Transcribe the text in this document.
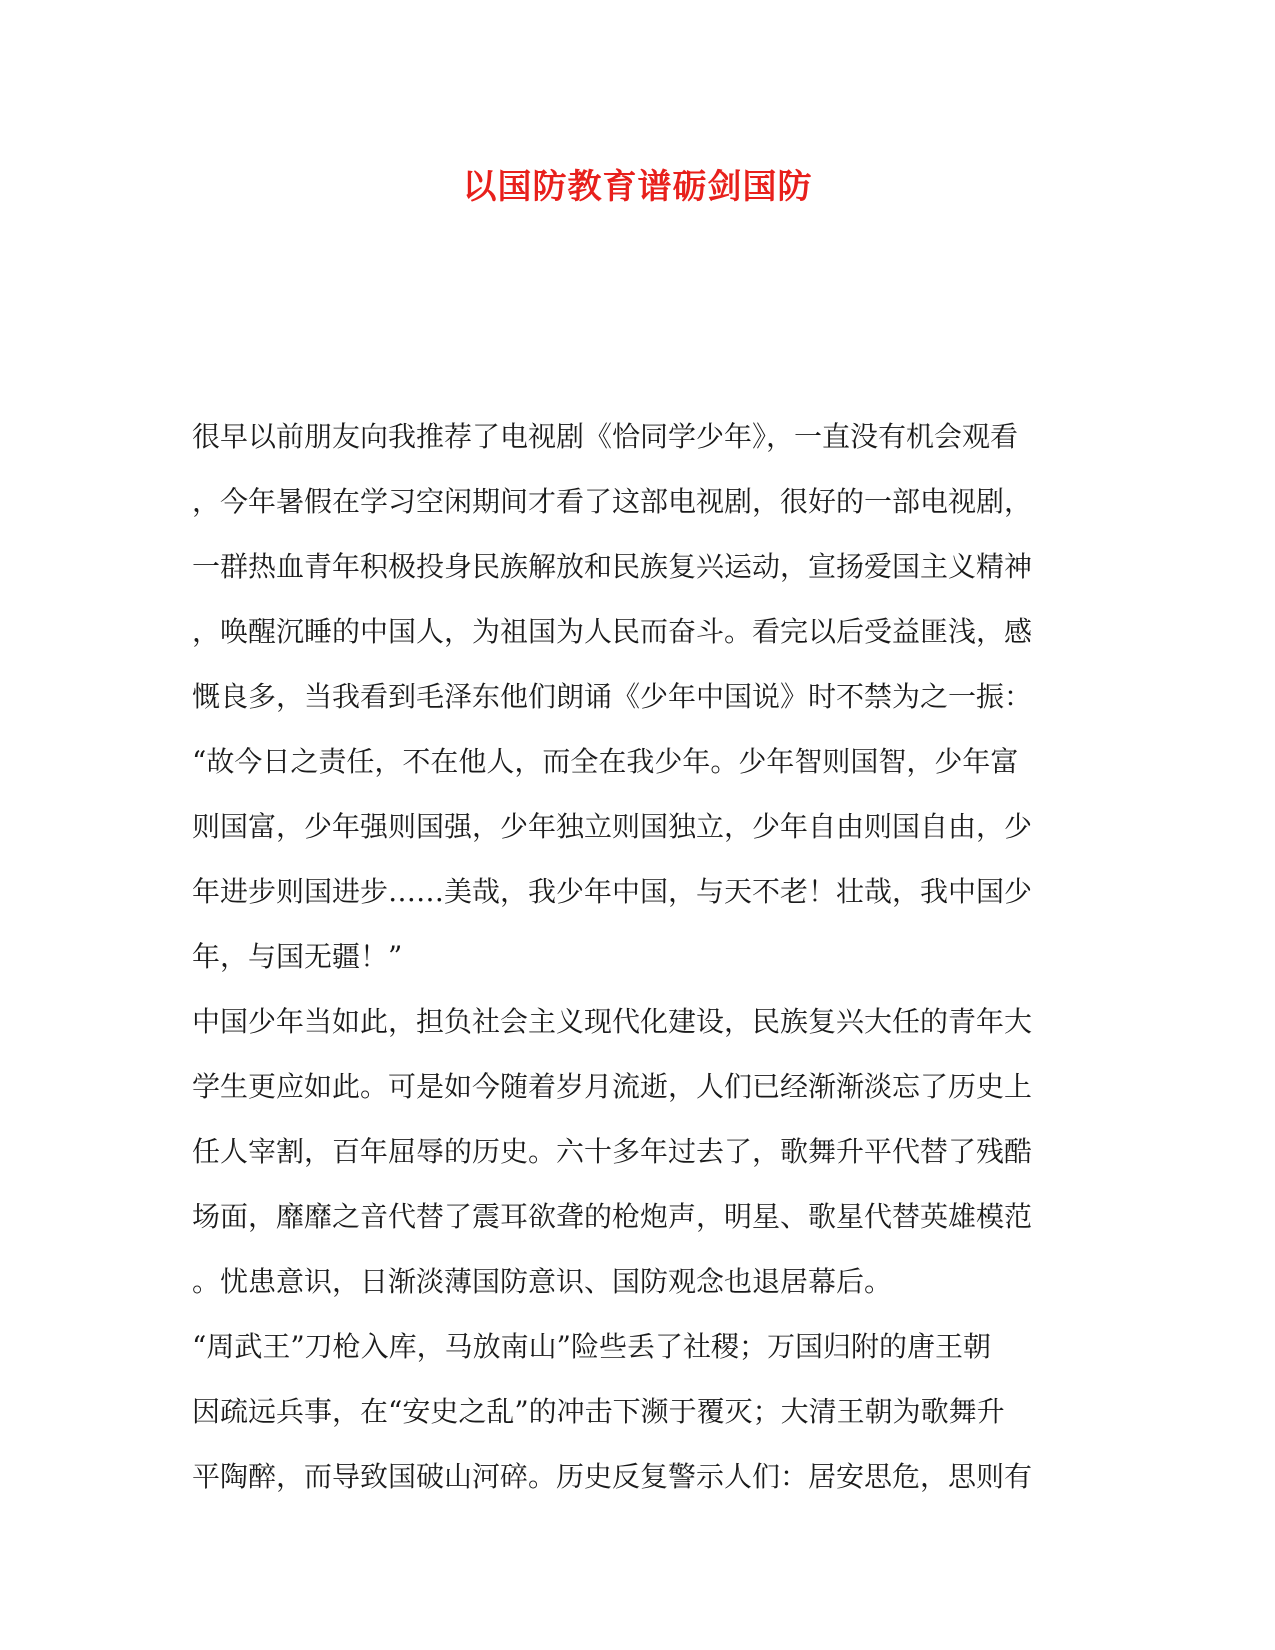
以国防教育谱砺剑国防
很早以前朋友向我推荐了电视剧《恰同学少年》，一直没有机会观看
，今年暑假在学习空闲期间才看了这部电视剧，很好的一部电视剧，
一群热血青年积极投身民族解放和民族复兴运动，宣扬爱国主义精神
，唤醒沉睡的中国人，为祖国为人民而奋斗。看完以后受益匪浅，感
慨良多，当我看到毛泽东他们朗诵《少年中国说》时不禁为之一振：
“故今日之责任，不在他人，而全在我少年。少年智则国智，少年富
则国富，少年强则国强，少年独立则国独立，少年自由则国自由，少
年进步则国进步……美哉，我少年中国，与天不老！壮哉，我中国少
年，与国无疆！”
中国少年当如此，担负社会主义现代化建设，民族复兴大任的青年大
学生更应如此。可是如今随着岁月流逝，人们已经渐渐淡忘了历史上
任人宰割，百年屈辱的历史。六十多年过去了，歌舞升平代替了残酷
场面，靡靡之音代替了震耳欲聋的枪炮声，明星、歌星代替英雄模范
。忧患意识，日渐淡薄国防意识、国防观念也退居幕后。
“周武王”刀枪入库，马放南山”险些丢了社稷；万国归附的唐王朝
因疏远兵事，在“安史之乱”的冲击下濒于覆灭；大清王朝为歌舞升
平陶醉，而导致国破山河碎。历史反复警示人们：居安思危，思则有
